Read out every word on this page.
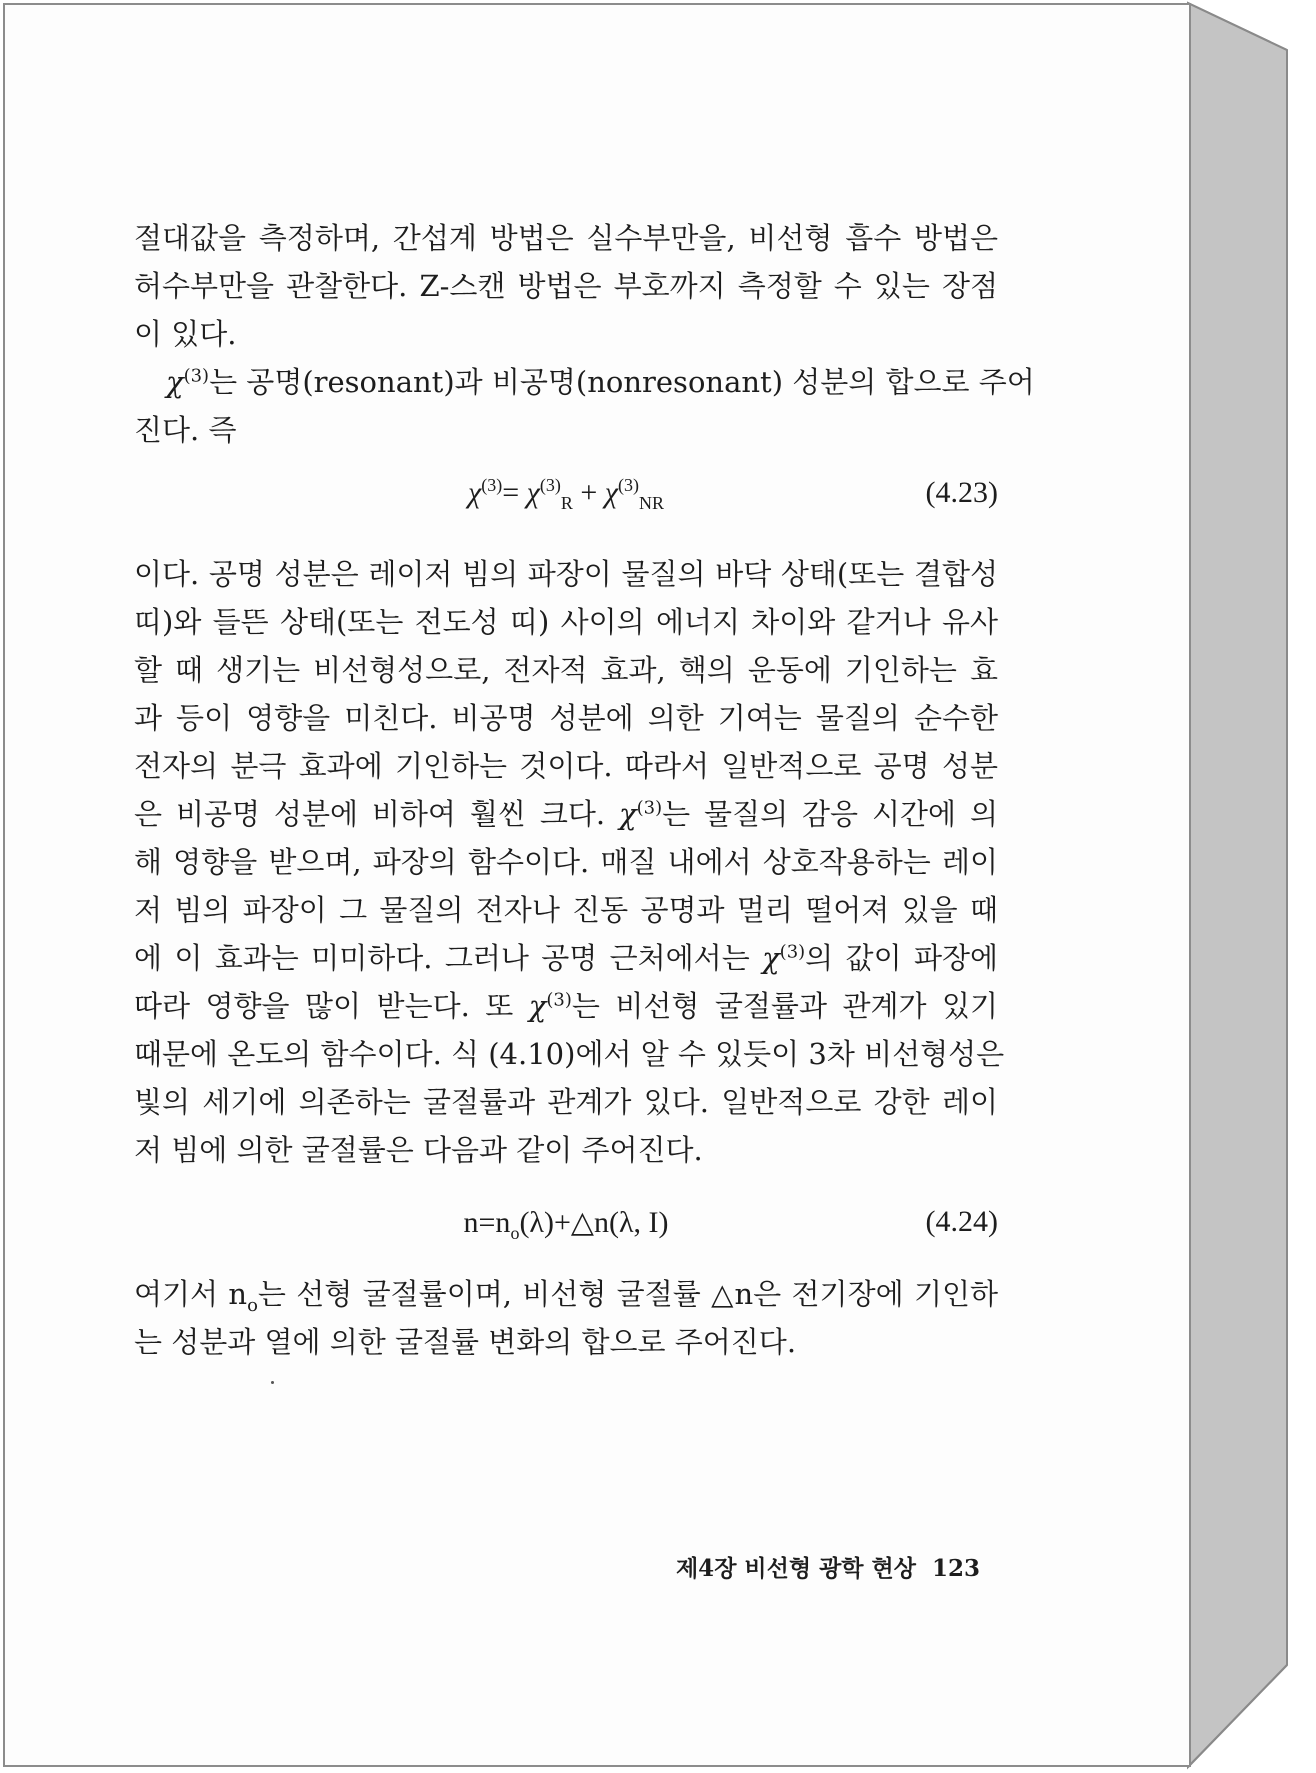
절대값을 측정하며, 간섭계 방법은 실수부만을, 비선형 흡수 방법은
허수부만을 관찰한다. Z-스캔 방법은 부호까지 측정할 수 있는 장점
이 있다.
$\chi^{(3)}$는 공명(resonant)과 비공명(nonresonant) 성분의 합으로 주어
진다. 즉
$\chi^{(3)}= \chi^{(3)}_R + \chi^{(3)}_{NR}$	(4.23)
이다. 공명 성분은 레이저 빔의 파장이 물질의 바닥 상태(또는 결합성
띠)와 들뜬 상태(또는 전도성 띠) 사이의 에너지 차이와 같거나 유사
할 때 생기는 비선형성으로, 전자적 효과, 핵의 운동에 기인하는 효
과 등이 영향을 미친다. 비공명 성분에 의한 기여는 물질의 순수한
전자의 분극 효과에 기인하는 것이다. 따라서 일반적으로 공명 성분
은 비공명 성분에 비하여 훨씬 크다. $\chi^{(3)}$는 물질의 감응 시간에 의
해 영향을 받으며, 파장의 함수이다. 매질 내에서 상호작용하는 레이
저 빔의 파장이 그 물질의 전자나 진동 공명과 멀리 떨어져 있을 때
에 이 효과는 미미하다. 그러나 공명 근처에서는 $\chi^{(3)}$의 값이 파장에
따라 영향을 많이 받는다. 또 $\chi^{(3)}$는 비선형 굴절률과 관계가 있기
때문에 온도의 함수이다. 식 (4.10)에서 알 수 있듯이 3차 비선형성은
빛의 세기에 의존하는 굴절률과 관계가 있다. 일반적으로 강한 레이
저 빔에 의한 굴절률은 다음과 같이 주어진다.
$n=n_o(\lambda)+\triangle n(\lambda$, I)	(4.24)
여기서 $n_o$는 선형 굴절률이며, 비선형 굴절률 △n은 전기장에 기인하
는 성분과 열에 의한 굴절률 변화의 합으로 주어진다.
제4장 비선형 광학 현상 123
